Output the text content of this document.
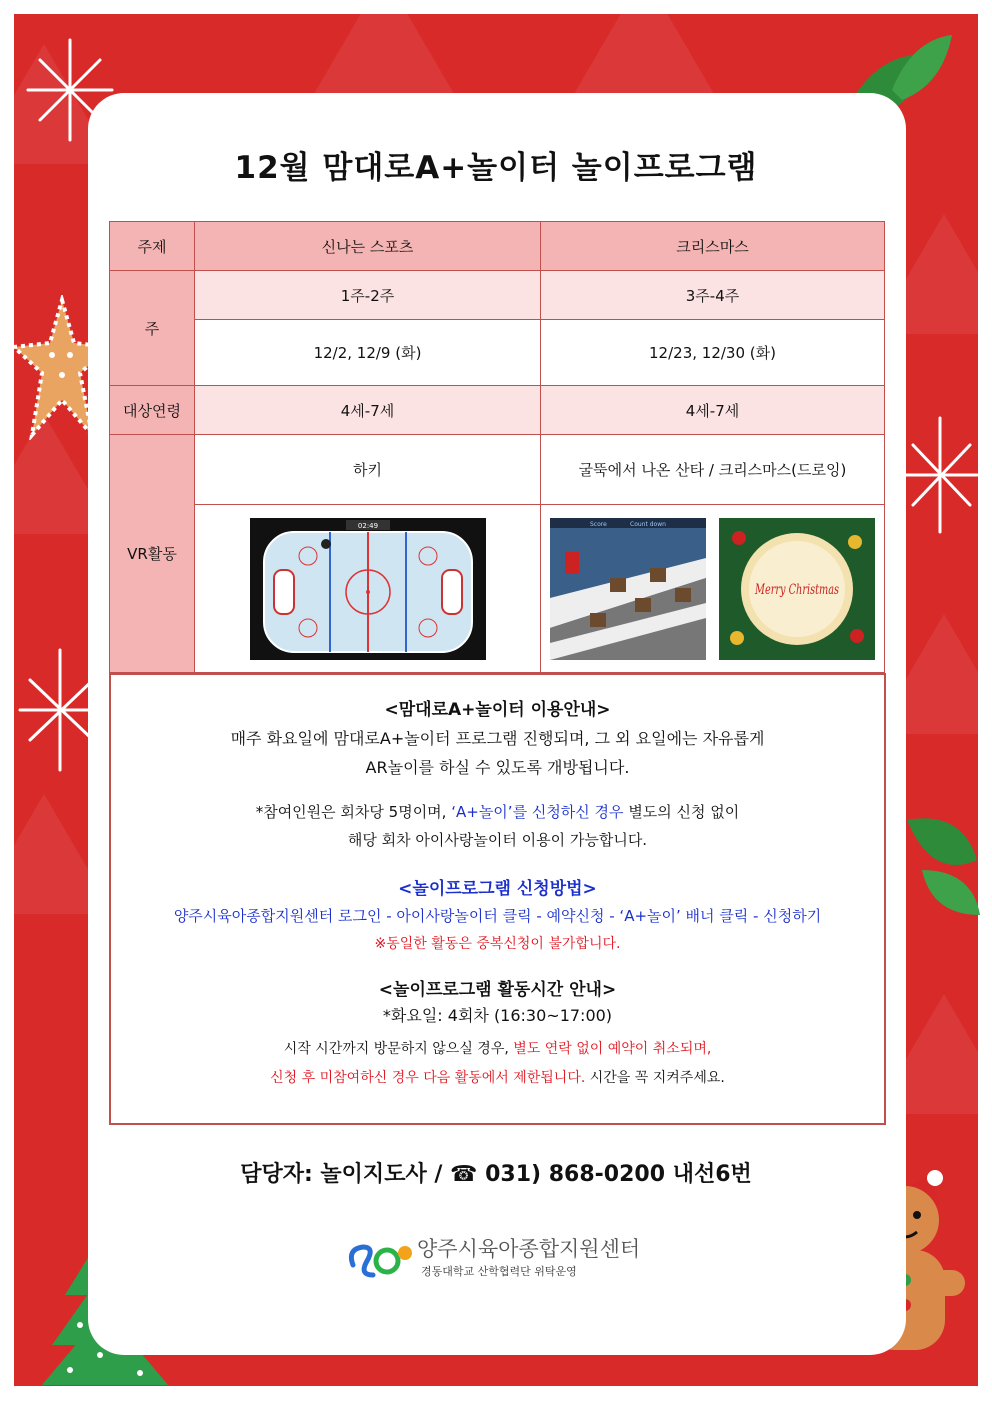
12월 맘대로A+놀이터 놀이프로그램
주제	신나는 스포츠	크리스마스
주	1주-2주	3주-4주
	12/2, 12/9 (화)	12/23, 12/30 (화)
대상연령	4세-7세	4세-7세
VR활동	하키	굴뚝에서 나온 산타 / 크리스마스(드로잉)

02:49	Score Count down

Merry Christmas
<맘대로A+놀이터 이용안내>
매주 화요일에 맘대로A+놀이터 프로그램 진행되며, 그 외 요일에는 자유롭게
AR놀이를 하실 수 있도록 개방됩니다.
*참여인원은 회차당 5명이며, ‘A+놀이’를 신청하신 경우 별도의 신청 없이
해당 회차 아이사랑놀이터 이용이 가능합니다.
<놀이프로그램 신청방법>
양주시육아종합지원센터 로그인 - 아이사랑놀이터 클릭 - 예약신청 - ‘A+놀이’ 배너 클릭 - 신청하기
※동일한 활동은 중복신청이 불가합니다.
<놀이프로그램 활동시간 안내>
*화요일: 4회차 (16:30~17:00)
시작 시간까지 방문하지 않으실 경우, 별도 연락 없이 예약이 취소되며,
신청 후 미참여하신 경우 다음 활동에서 제한됩니다. 시간을 꼭 지켜주세요.
담당자: 놀이지도사 / ☎ 031) 868-0200 내선6번
양주시육아종합지원센터
경동대학교 산학협력단 위탁운영
